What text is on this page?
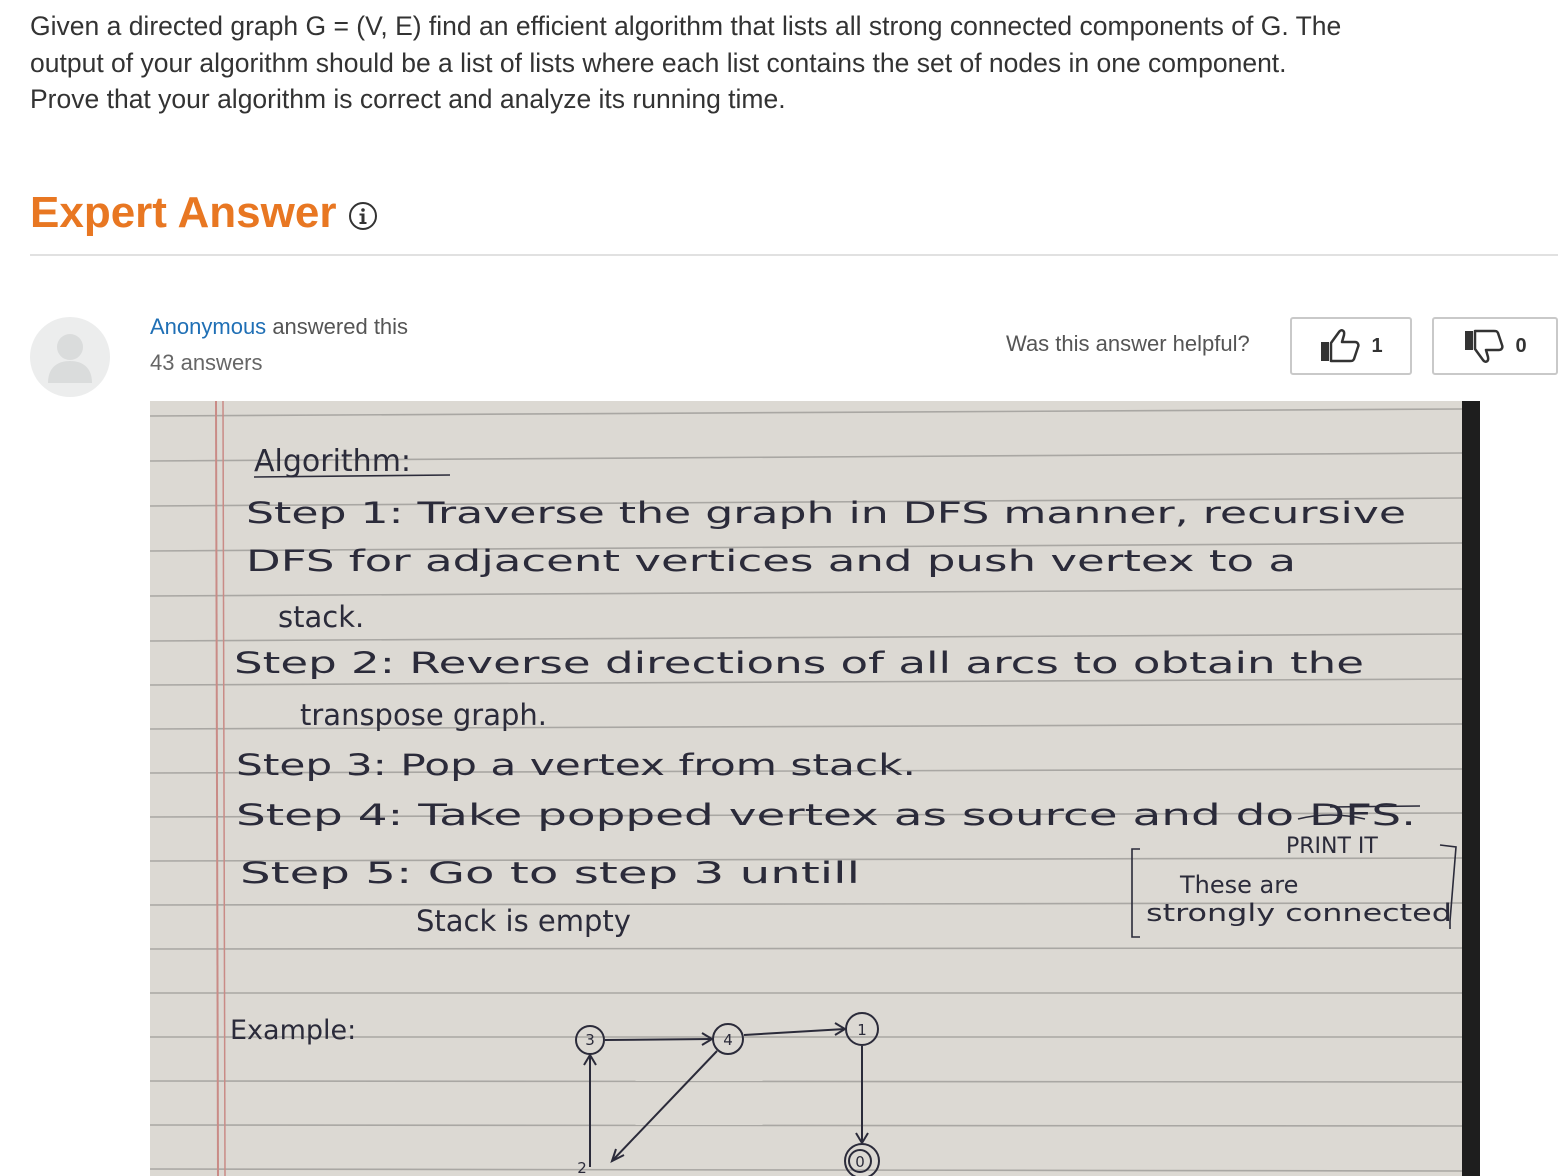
Given a directed graph G = (V, E) find an efficient algorithm that lists all strong connected components of G. The output of your algorithm should be a list of lists where each list contains the set of nodes in one component. Prove that your algorithm is correct and analyze its running time.
Expert Answer
Anonymous answered this
43 answers
Was this answer helpful?	1	0
Algorithm:
Step 1: Traverse the graph in DFS manner, recursive
DFS for adjacent vertices and push vertex to a
stack.
Step 2: Reverse directions of all arcs to obtain the
transpose graph.
Step 3: Pop a vertex from stack.
Step 4: Take popped vertex as source and do DFS.
PRINT IT
Step 5: Go to step 3 untill
Stack is empty
These are
strongly connected
Example:	3	4
1
0
2
